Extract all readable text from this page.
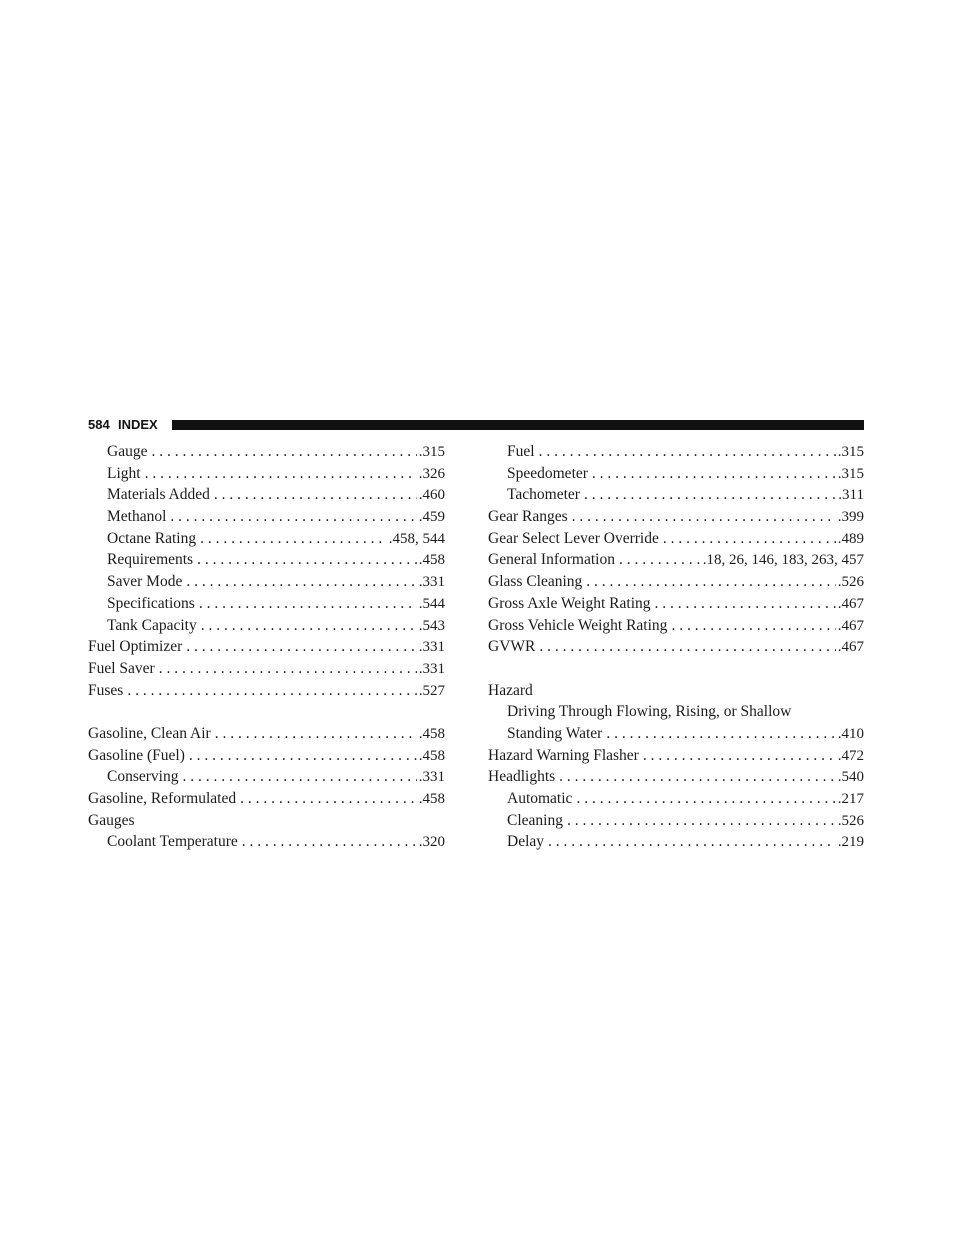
584 INDEX
Gauge . . .	.315
Light . . .	.326
Materials Added . . .	.460
Methanol . . .	.459
Octane Rating . . .	.458, 544
Requirements . . .	.458
Saver Mode . . .	.331
Specifications . . .	.544
Tank Capacity . . .	.543
Fuel Optimizer . . .	.331
Fuel Saver . . .	.331
Fuses . . .	.527
Gasoline, Clean Air . . .	.458
Gasoline (Fuel) . . .	.458
Conserving . . .	.331
Gasoline, Reformulated . . .	.458
Gauges
Coolant Temperature . . .	.320
Fuel . . .	.315
Speedometer . . .	.315
Tachometer . . .	.311
Gear Ranges . . .	.399
Gear Select Lever Override . . .	.489
General Information . . .	.18, 26, 146, 183, 263, 457
Glass Cleaning . . .	.526
Gross Axle Weight Rating . . .	.467
Gross Vehicle Weight Rating . . .	.467
GVWR . . .	.467
Hazard
Driving Through Flowing, Rising, or Shallow
Standing Water . . .	.410
Hazard Warning Flasher . . .	.472
Headlights . . .	.540
Automatic . . .	.217
Cleaning . . .	.526
Delay . . .	.219
